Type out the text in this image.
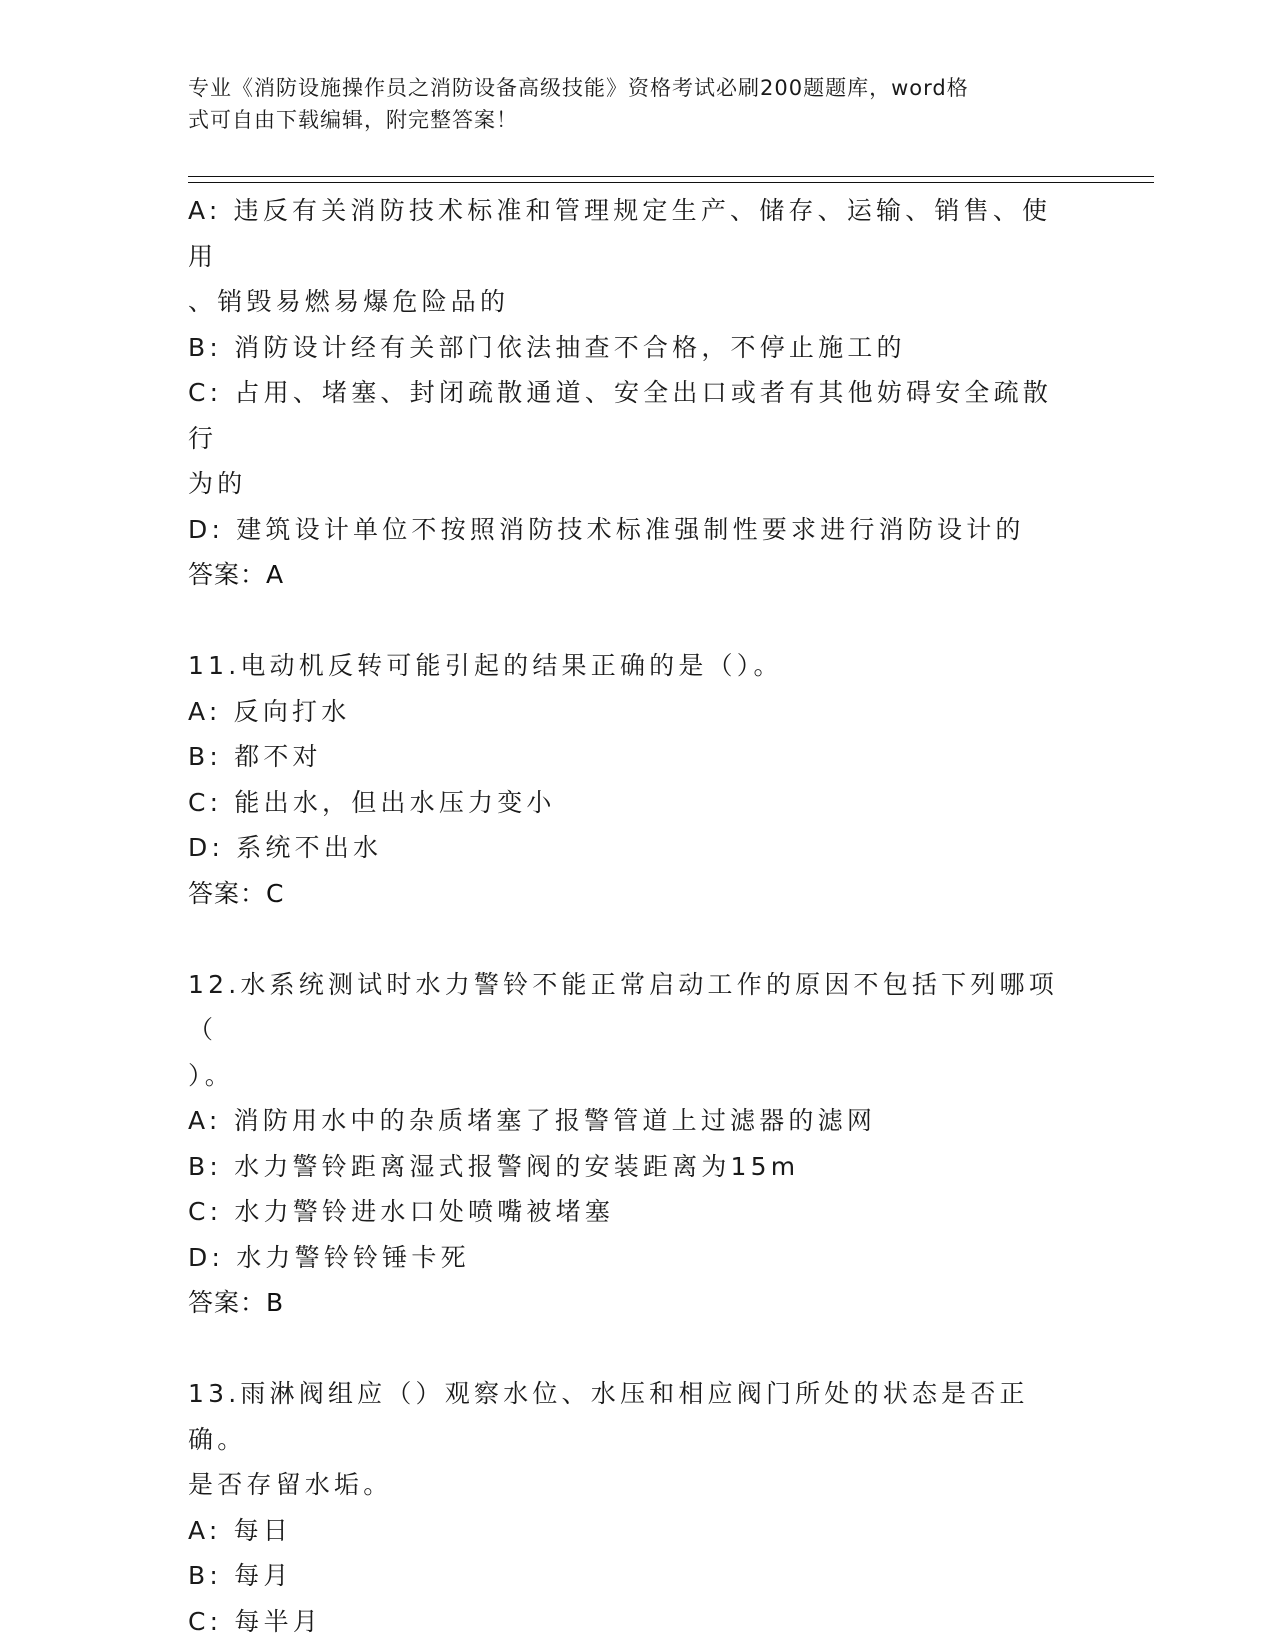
专业《消防设施操作员之消防设备高级技能》资格考试必刷200题题库，word格
式可自由下载编辑，附完整答案！
A: 违反有关消防技术标准和管理规定生产、储存、运输、销售、使用
、销毁易燃易爆危险品的
B: 消防设计经有关部门依法抽查不合格，不停止施工的
C: 占用、堵塞、封闭疏散通道、安全出口或者有其他妨碍安全疏散行
为的
D: 建筑设计单位不按照消防技术标准强制性要求进行消防设计的
答案：A
11.电动机反转可能引起的结果正确的是（）。
A: 反向打水
B: 都不对
C: 能出水，但出水压力变小
D: 系统不出水
答案：C
12.水系统测试时水力警铃不能正常启动工作的原因不包括下列哪项（
）。
A: 消防用水中的杂质堵塞了报警管道上过滤器的滤网
B: 水力警铃距离湿式报警阀的安装距离为15m
C: 水力警铃进水口处喷嘴被堵塞
D: 水力警铃铃锤卡死
答案：B
13.雨淋阀组应（）观察水位、水压和相应阀门所处的状态是否正确。
是否存留水垢。
A: 每日
B: 每月
C: 每半月
